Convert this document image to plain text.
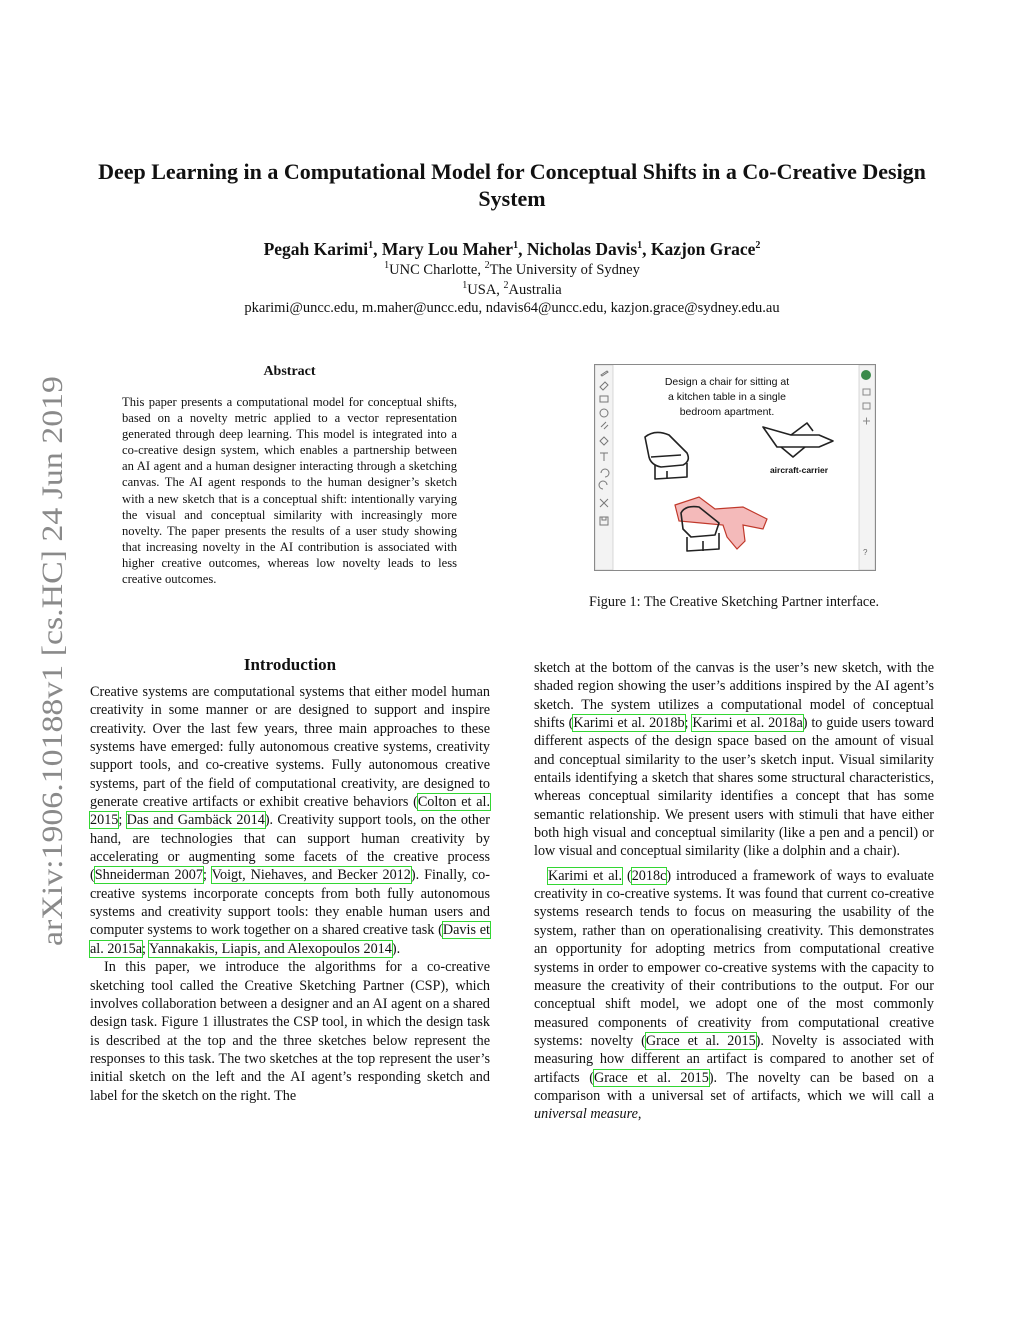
arXiv:1906.10188v1 [cs.HC] 24 Jun 2019
Deep Learning in a Computational Model for Conceptual Shifts in a Co-Creative Design System
Pegah Karimi$^1$, Mary Lou Maher$^1$, Nicholas Davis$^1$, Kazjon Grace$^2$
$^1$UNC Charlotte, $^2$The University of Sydney
$^1$USA, $^2$Australia
pkarimi@uncc.edu, m.maher@uncc.edu, ndavis64@uncc.edu, kazjon.grace@sydney.edu.au
Abstract

This paper presents a computational model for conceptual shifts, based on a novelty metric applied to a vector representation generated through deep learning. This model is integrated into a co-creative design system, which enables a partnership between an AI agent and a human designer interacting through a sketching canvas. The AI agent responds to the human designer’s sketch with a new sketch that is a conceptual shift: intentionally varying the visual and conceptual similarity with increasingly more novelty. The paper presents the results of a user study showing that increasing novelty in the AI contribution is associated with higher creative outcomes, whereas low novelty leads to less creative outcomes.

?
Design a chair for sitting at
a kitchen table in a single
bedroom apartment.
aircraft-carrier
Figure 1: The Creative Sketching Partner interface.
Introduction

Creative systems are computational systems that either model human creativity in some manner or are designed to support and inspire creativity. Over the last few years, three main approaches to these systems have emerged: fully autonomous creative systems, creativity support tools, and co-creative systems. Fully autonomous creative systems, part of the field of computational creativity, are designed to generate creative artifacts or exhibit creative behaviors (Colton et al. 2015; Das and Gambäck 2014). Creativity support tools, on the other hand, are technologies that can support human creativity by accelerating or augmenting some facets of the creative process (Shneiderman 2007; Voigt, Niehaves, and Becker 2012). Finally, co-creative systems incorporate concepts from both fully autonomous systems and creativity support tools: they enable human users and computer systems to work together on a shared creative task (Davis et al. 2015a; Yannakakis, Liapis, and Alexopoulos 2014).

In this paper, we introduce the algorithms for a co-creative sketching tool called the Creative Sketching Partner (CSP), which involves collaboration between a designer and an AI agent on a shared design task. Figure 1 illustrates the CSP tool, in which the design task is described at the top and the three sketches below represent the responses to this task. The two sketches at the top represent the user’s initial sketch on the left and the AI agent’s responding sketch and label for the sketch on the right. The

sketch at the bottom of the canvas is the user’s new sketch, with the shaded region showing the user’s additions inspired by the AI agent’s sketch. The system utilizes a computational model of conceptual shifts (Karimi et al. 2018b; Karimi et al. 2018a) to guide users toward different aspects of the design space based on the amount of visual and conceptual similarity to the user’s sketch input. Visual similarity entails identifying a sketch that shares some structural characteristics, whereas conceptual similarity identifies a concept that has some semantic relationship. We present users with stimuli that have either both high visual and conceptual similarity (like a pen and a pencil) or low visual and conceptual similarity (like a dolphin and a chair).

Karimi et al. (2018c) introduced a framework of ways to evaluate creativity in co-creative systems. It was found that current co-creative systems research tends to focus on measuring the usability of the system, rather than on operationalising creativity. This demonstrates an opportunity for adopting metrics from computational creative systems in order to empower co-creative systems with the capacity to measure the creativity of their contributions to the output. For our conceptual shift model, we adopt one of the most commonly measured components of creativity from computational creative systems: novelty (Grace et al. 2015). Novelty is associated with measuring how different an artifact is compared to another set of artifacts (Grace et al. 2015). The novelty can be based on a comparison with a universal set of artifacts, which we will call a universal measure,
